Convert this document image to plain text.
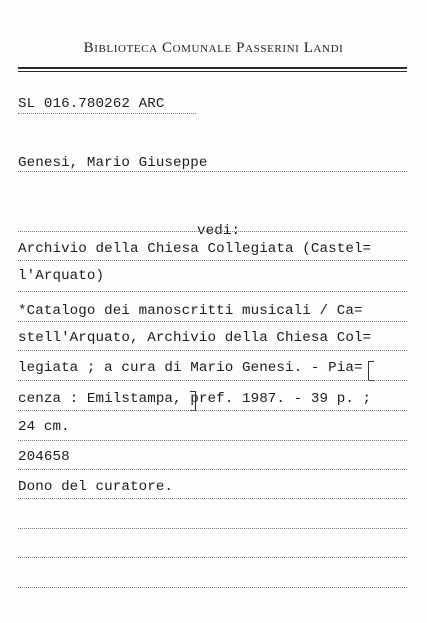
Biblioteca Comunale Passerini Landi
SL 016.780262 ARC
Genesi, Mario Giuseppe
vedi:
Archivio della Chiesa Collegiata (Castel=
l'Arquato)
*Catalogo dei manoscritti musicali / Ca=
stell'Arquato, Archivio della Chiesa Col=
legiata ; a cura di Mario Genesi. - Pia=
cenza : Emilstampa, pref. 1987. - 39 p. ;
24 cm.
204658
Dono del curatore.
